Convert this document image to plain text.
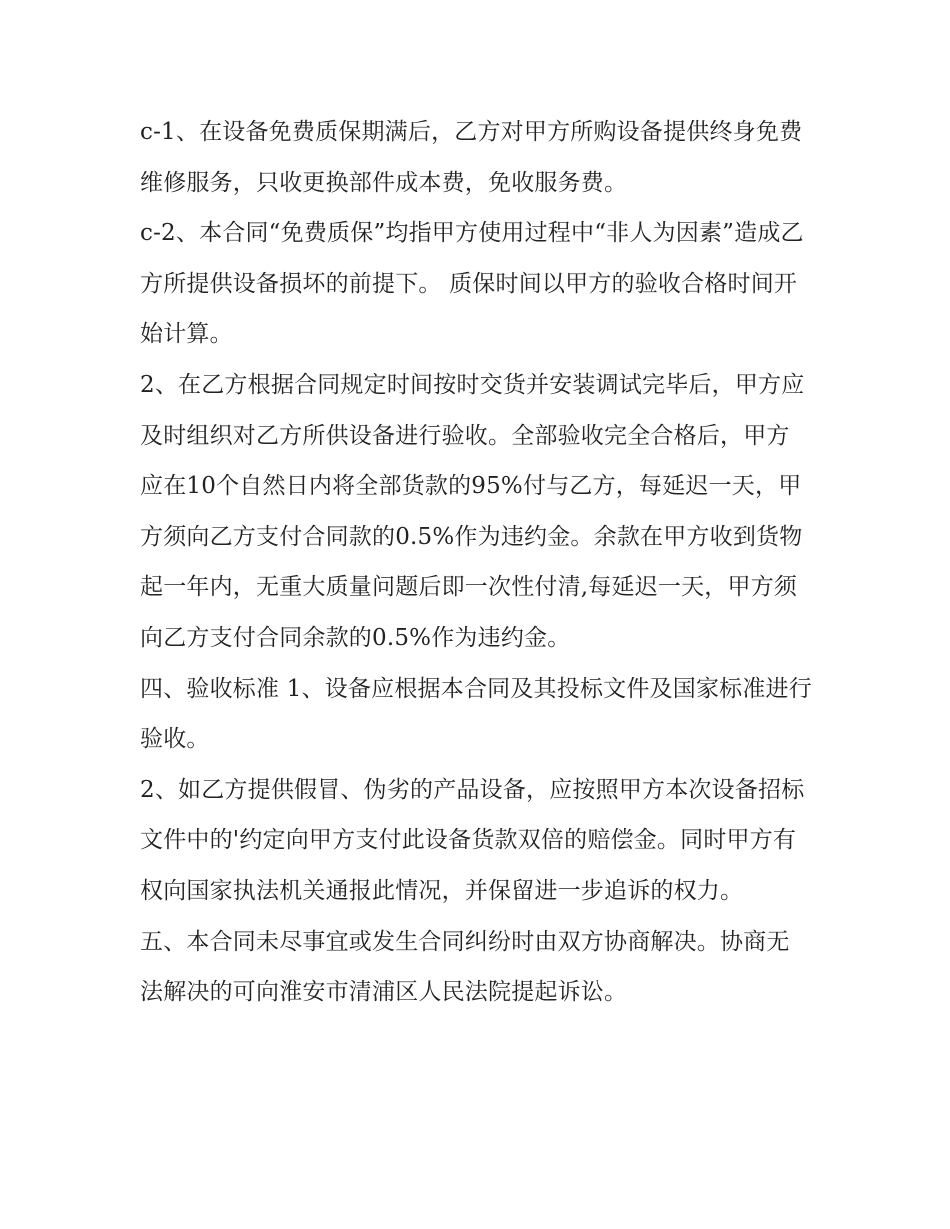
c-1、在设备免费质保期满后，乙方对甲方所购设备提供终身免费维修服务，只收更换部件成本费，免收服务费。

c-2、本合同“免费质保”均指甲方使用过程中“非人为因素”造成乙方所提供设备损坏的前提下。 质保时间以甲方的验收合格时间开始计算。

2、在乙方根据合同规定时间按时交货并安装调试完毕后，甲方应及时组织对乙方所供设备进行验收。全部验收完全合格后，甲方应在10个自然日内将全部货款的95%付与乙方，每延迟一天，甲方须向乙方支付合同款的0.5%作为违约金。余款在甲方收到货物起一年内，无重大质量问题后即一次性付清,每延迟一天，甲方须向乙方支付合同余款的0.5%作为违约金。

四、验收标准 1、设备应根据本合同及其投标文件及国家标准进行验收。

2、如乙方提供假冒、伪劣的产品设备，应按照甲方本次设备招标文件中的'约定向甲方支付此设备货款双倍的赔偿金。同时甲方有权向国家执法机关通报此情况，并保留进一步追诉的权力。

五、本合同未尽事宜或发生合同纠纷时由双方协商解决。协商无法解决的可向淮安市清浦区人民法院提起诉讼。
